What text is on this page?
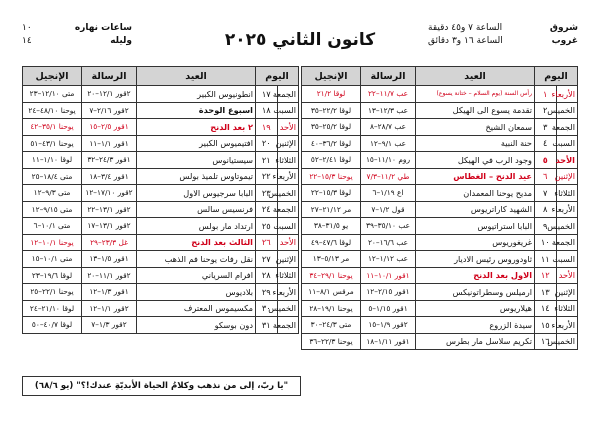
شروق
الساعة ٧ و٤٥ دقيقة
غروب
الساعة ١٦ و٣ دقائق
كانون الثاني ٢٠٢٥
ساعات نهاره
١٠
وليله
١٤
اليوم		العيد	الرسالة	الإنجيل
الأربعاء	١	رأس السنة (يوم السلام – ختانة يسوع)	عب ١١/٧–٢٢	لوقا ٢١/٢
الخميس	٢	تقدمة يسوع الى الهيكل	عب ١٢/٣–١٣	لوقا ٢٢/٢–٣٥
الجمعة	٣	سمعان الشيخ	عب ٢٨/٧–٨	لوقا ٢٥/٢–٣٥
السبت	٤	حنة النبية	عب ٩/١–١٢	لوقا ٣٦/٢–٤٠
الأحد	٥	وجود الرب في الهيكل	روم ١١/١٠–١٥	لوقا ٢/٤١–٥٢
الإثنين	٦	عيد الدنح – الغطاس	طي ١١/٢–٧/٣	يوحنا ١٥/٣–٢٢
الثلاثاء	٧	مديح يوحنا المعمدان	اع ١/١٩–٦	لوقا ١٥/٣–٢٢
الأربعاء	٨	الشهيد كاراتريوس	قول ١/٢–٧	مر ٢١/١٢–٢٧
الخميس	٩	البابا استراتيوس	عب ٣٥/١٠–٣٩	يو ٣١/٥–٣٨
الجمعة	١٠	غريغوريوس	عب ١٦/٦–٢٠	لوقا ٤٧/٦–٤٩
السبت	١١	ثاودوروس رئيس الاديار	عب ١/١٢–١٢	مر ٥/١٣–١٣
الأحد	١٢	الاول بعد الدنح	١قور ١٠/١–١١	يوحنا ٢٩/١–٣٤
الإثنين	١٣	ارميلس وسطراتونيكس	١قور ٢/١٥–١٢	مرقس ٨/١–١١
الثلاثاء	١٤	هيلاريوس	١قور ١/١٥–٥	يوحنا ١٩/١–٢٨
الأربعاء	١٥	سيدة الزروع	٢قور ١/٩–١٥	متى ٢٤/٣–٣٠
الخميس	١٦	تكريم سلاسل مار بطرس	١قور ١/١١–١٨	يوحنا ٢٢/٣–٣٦
اليوم		العيد	الرسالة	الإنجيل
الجمعة	١٧	انطونيوس الكبير	٢قور ١٢/١–٢٠	متى ١٢/١٠–٢٣
السبت	١٨	اسبوع الوحدة	٢قور ٢/١٦–٧	يوحنا ٤٨/١٠–٢٤
الأحد	١٩	٢ بعد الدنح	١قور ٢/٥–١٥	يوحنا ٣٥/١–٤٢
الإثنين	٢٠	افتيميوس الكبير	١قور ١/١–١١	يوحنا ٤٣/١–٥١
الثلاثاء	٢١	سيستيانوس	١قور ٢٤/٣–٣٢	لوقا ١/١٠–١١
الأربعاء	٢٢	تيموتاوس تلميذ بولس	١قور ٣/٤–١٨	متى ١٨/٤–٢٥
الخميس	٢٣	البابا سرجيوس الاول	٢قور ١٧/١٠–١٢	متى ٩/٣–١٢
الجمعة	٢٤	فرنسيس سالس	٢قور ١٣/١–٢٢	متى ٩/١٥–١٢
السبت	٢٥	ارتداد مار بولس	٢قور ١٣/١–١٧	متى ١٠/١–٦
الأحد	٢٦	الثالث بعد الدنح	غل ٢٣/٣–٢٩	يوحنا ١٠/١–١٢
الإثنين	٢٧	نقل رفات يوحنا فم الذهب	١قور ١/٥–١٣	متى ١٠/١–١٥
الثلاثاء	٢٨	افرام السرياني	٢قور ١١/١–٢٠	لوقا ١٩/٦–٢٣
الأربعاء	٢٩	بلاديوس	١قور ١/٣–١٢	يوحنا ٢٢/١–٢٥
الخميس	٣٠	مكسيموس المعترف	٢قور ١/١–١٢	لوقا ٢١/١٠–٢٤
الجمعة	٣١	دون بوسكو	٢قور ١/٣–٧	لوقا ٤٠/٧–٥٠
"يا ربّ، إلى من نذهب وكلامُ الحياة الأبديّةِ عندك!؟" (يو ٦٨/٦)
